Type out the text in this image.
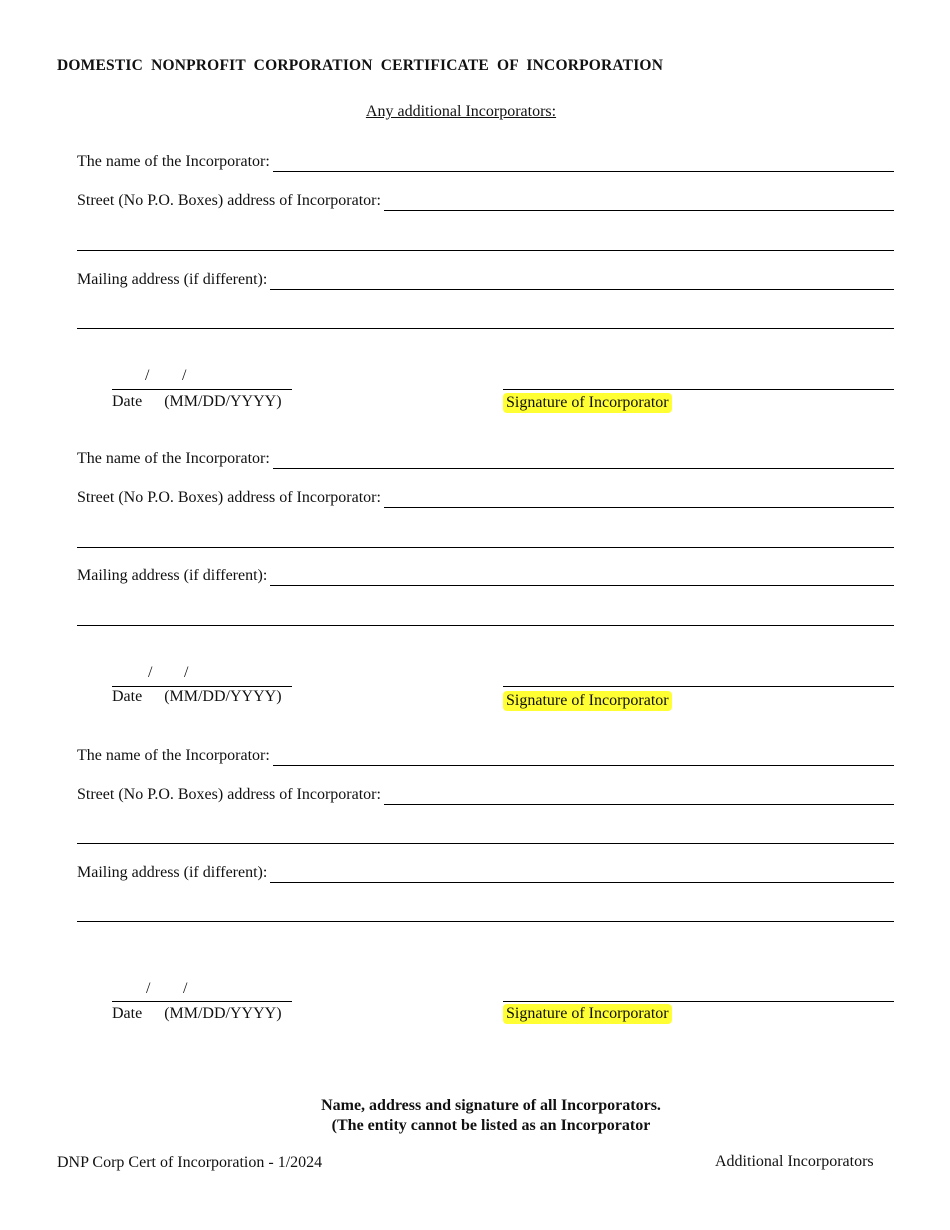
DOMESTIC NONPROFIT CORPORATION CERTIFICATE OF INCORPORATION
Any additional Incorporators:
The name of the Incorporator:
Street (No P.O. Boxes) address of Incorporator:
Mailing address (if different):
/ /
Date (MM/DD/YYYY)	Signature of Incorporator
The name of the Incorporator:
Street (No P.O. Boxes) address of Incorporator:
Mailing address (if different):
/ /
Date (MM/DD/YYYY)	Signature of Incorporator
The name of the Incorporator:
Street (No P.O. Boxes) address of Incorporator:
Mailing address (if different):
/ /
Date (MM/DD/YYYY)	Signature of Incorporator
Name, address and signature of all Incorporators.
(The entity cannot be listed as an Incorporator
DNP Corp Cert of Incorporation - 1/2024	Additional Incorporators
